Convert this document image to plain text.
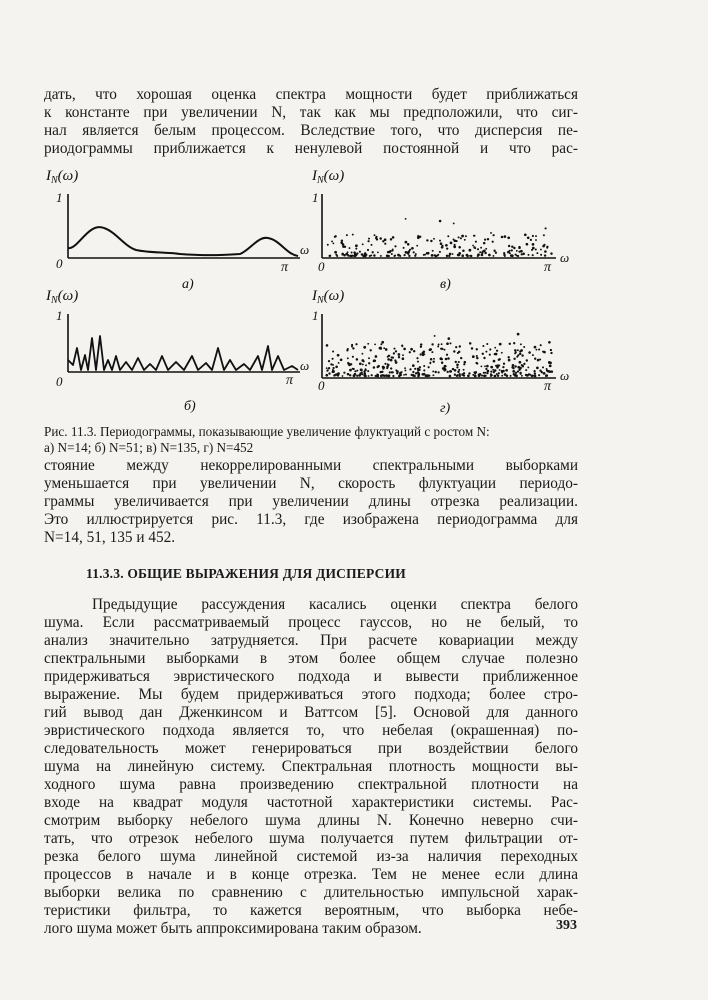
дать, что хорошая оценка спектра мощности будет приближаться
к константе при увеличении N, так как мы предположили, что сиг-
нал является белым процессом. Вследствие того, что дисперсия пе-
риодограммы приближается к ненулевой постоянной и что рас-
$I_N(\omega)$
1
0	π
ω
а)
$I_N(\omega)$
1
0	π
ω
б)
$I_N(\omega)$
1
0	π
ω
в)
$I_N(\omega)$
1
0	π
ω
г)
Рис. 11.3. Периодограммы, показывающие увеличение флуктуаций с ростом N:
а) N=14; б) N=51; в) N=135, г) N=452
стояние между некоррелированными спектральными выборками
уменьшается при увеличении N, скорость флуктуации периодо-
граммы увеличивается при увеличении длины отрезка реализации.
Это иллюстрируется рис. 11.3, где изображена периодограмма для
N=14, 51, 135 и 452.
11.3.3. ОБЩИЕ ВЫРАЖЕНИЯ ДЛЯ ДИСПЕРСИИ
Предыдущие рассуждения касались оценки спектра белого
шума. Если рассматриваемый процесс гауссов, но не белый, то
анализ значительно затрудняется. При расчете ковариации между
спектральными выборками в этом более общем случае полезно
придерживаться эвристического подхода и вывести приближенное
выражение. Мы будем придерживаться этого подхода; более стро-
гий вывод дан Дженкинсом и Ваттсом [5]. Основой для данного
эвристического подхода является то, что небелая (окрашенная) по-
следовательность может генерироваться при воздействии белого
шума на линейную систему. Спектральная плотность мощности вы-
ходного шума равна произведению спектральной плотности на
входе на квадрат модуля частотной характеристики системы. Рас-
смотрим выборку небелого шума длины N. Конечно неверно счи-
тать, что отрезок небелого шума получается путем фильтрации от-
резка белого шума линейной системой из-за наличия переходных
процессов в начале и в конце отрезка. Тем не менее если длина
выборки велика по сравнению с длительностью импульсной харак-
теристики фильтра, то кажется вероятным, что выборка небе-
лого шума может быть аппроксимирована таким образом.	393
